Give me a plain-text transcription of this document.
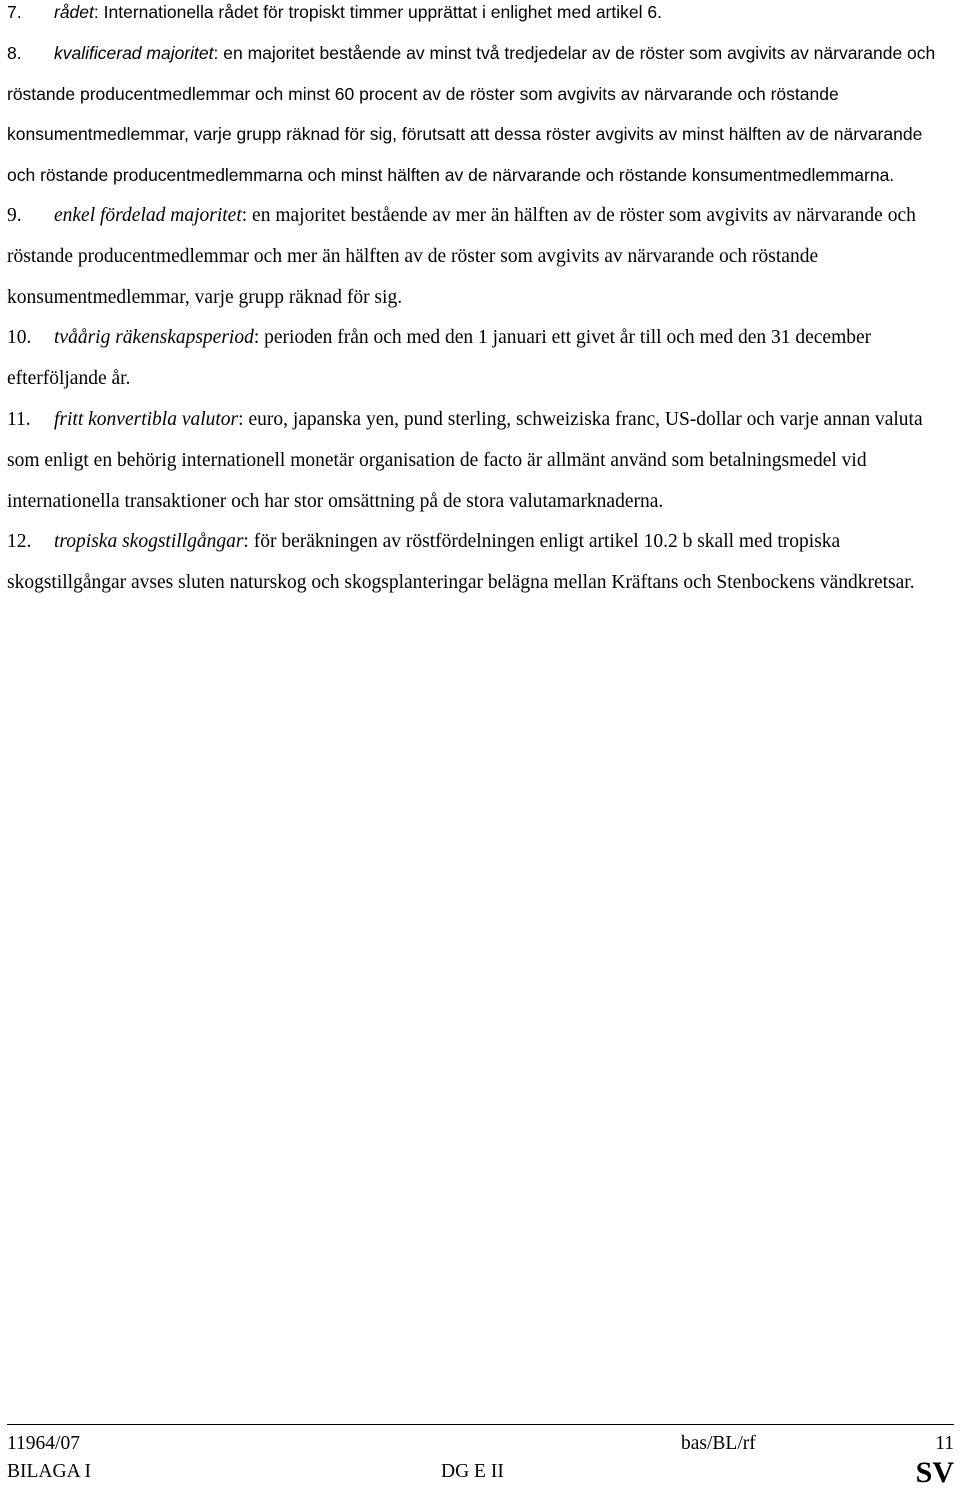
7. rådet: Internationella rådet för tropiskt timmer upprättat i enlighet med artikel 6.

8. kvalificerad majoritet: en majoritet bestående av minst två tredjedelar av de röster som avgivits av närvarande och röstande producentmedlemmar och minst 60 procent av de röster som avgivits av närvarande och röstande konsumentmedlemmar, varje grupp räknad för sig, förutsatt att dessa röster avgivits av minst hälften av de närvarande och röstande producentmedlemmarna och minst hälften av de närvarande och röstande konsumentmedlemmarna.

9. enkel fördelad majoritet: en majoritet bestående av mer än hälften av de röster som avgivits av närvarande och röstande producentmedlemmar och mer än hälften av de röster som avgivits av närvarande och röstande konsumentmedlemmar, varje grupp räknad för sig.

10. tvåårig räkenskapsperiod: perioden från och med den 1 januari ett givet år till och med den 31 december efterföljande år.

11. fritt konvertibla valutor: euro, japanska yen, pund sterling, schweiziska franc, US-dollar och varje annan valuta som enligt en behörig internationell monetär organisation de facto är allmänt använd som betalningsmedel vid internationella transaktioner och har stor omsättning på de stora valutamarknaderna.

12. tropiska skogstillgångar: för beräkningen av röstfördelningen enligt artikel 10.2 b skall med tropiska skogstillgångar avses sluten naturskog och skogsplanteringar belägna mellan Kräftans och Stenbockens vändkretsar.

11964/07	bas/BL/rf	11
BILAGA I	DG E II	SV
